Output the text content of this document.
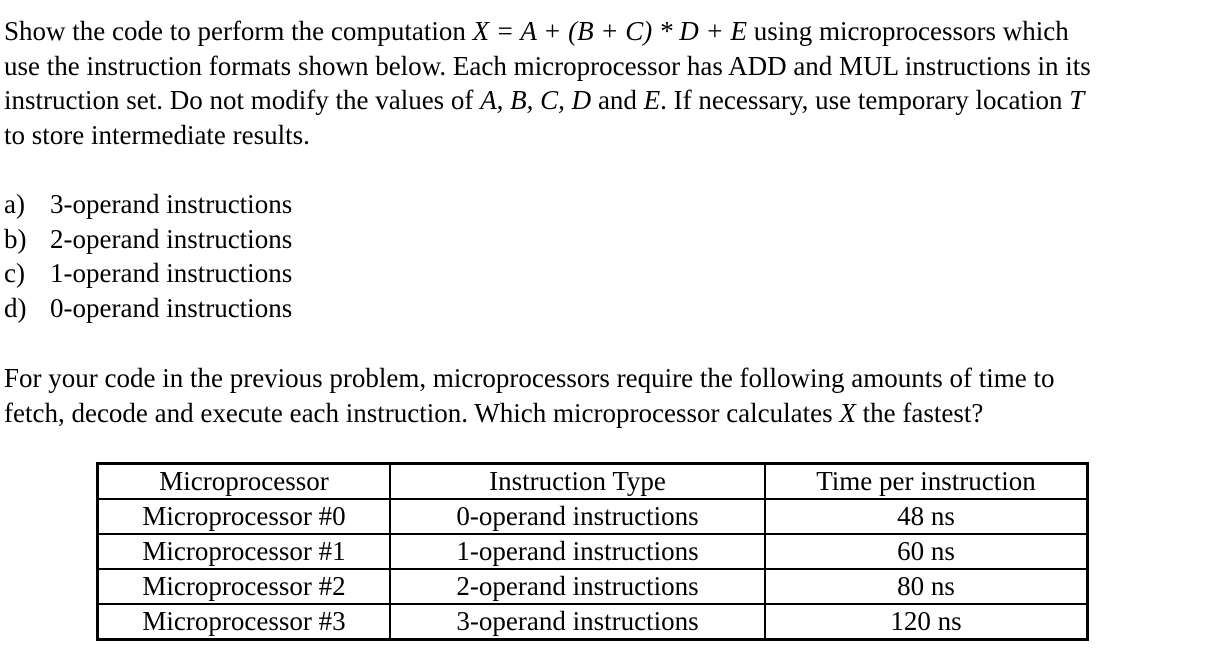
Show the code to perform the computation X = A + (B + C) * D + E using microprocessors which
use the instruction formats shown below. Each microprocessor has ADD and MUL instructions in its
instruction set. Do not modify the values of A, B, C, D and E. If necessary, use temporary location T
to store intermediate results.
a) 3-operand instructions
b) 2-operand instructions
c) 1-operand instructions
d) 0-operand instructions
For your code in the previous problem, microprocessors require the following amounts of time to
fetch, decode and execute each instruction. Which microprocessor calculates X the fastest?
Microprocessor	Instruction Type	Time per instruction
Microprocessor #0	0-operand instructions	48 ns
Microprocessor #1	1-operand instructions	60 ns
Microprocessor #2	2-operand instructions	80 ns
Microprocessor #3	3-operand instructions	120 ns
